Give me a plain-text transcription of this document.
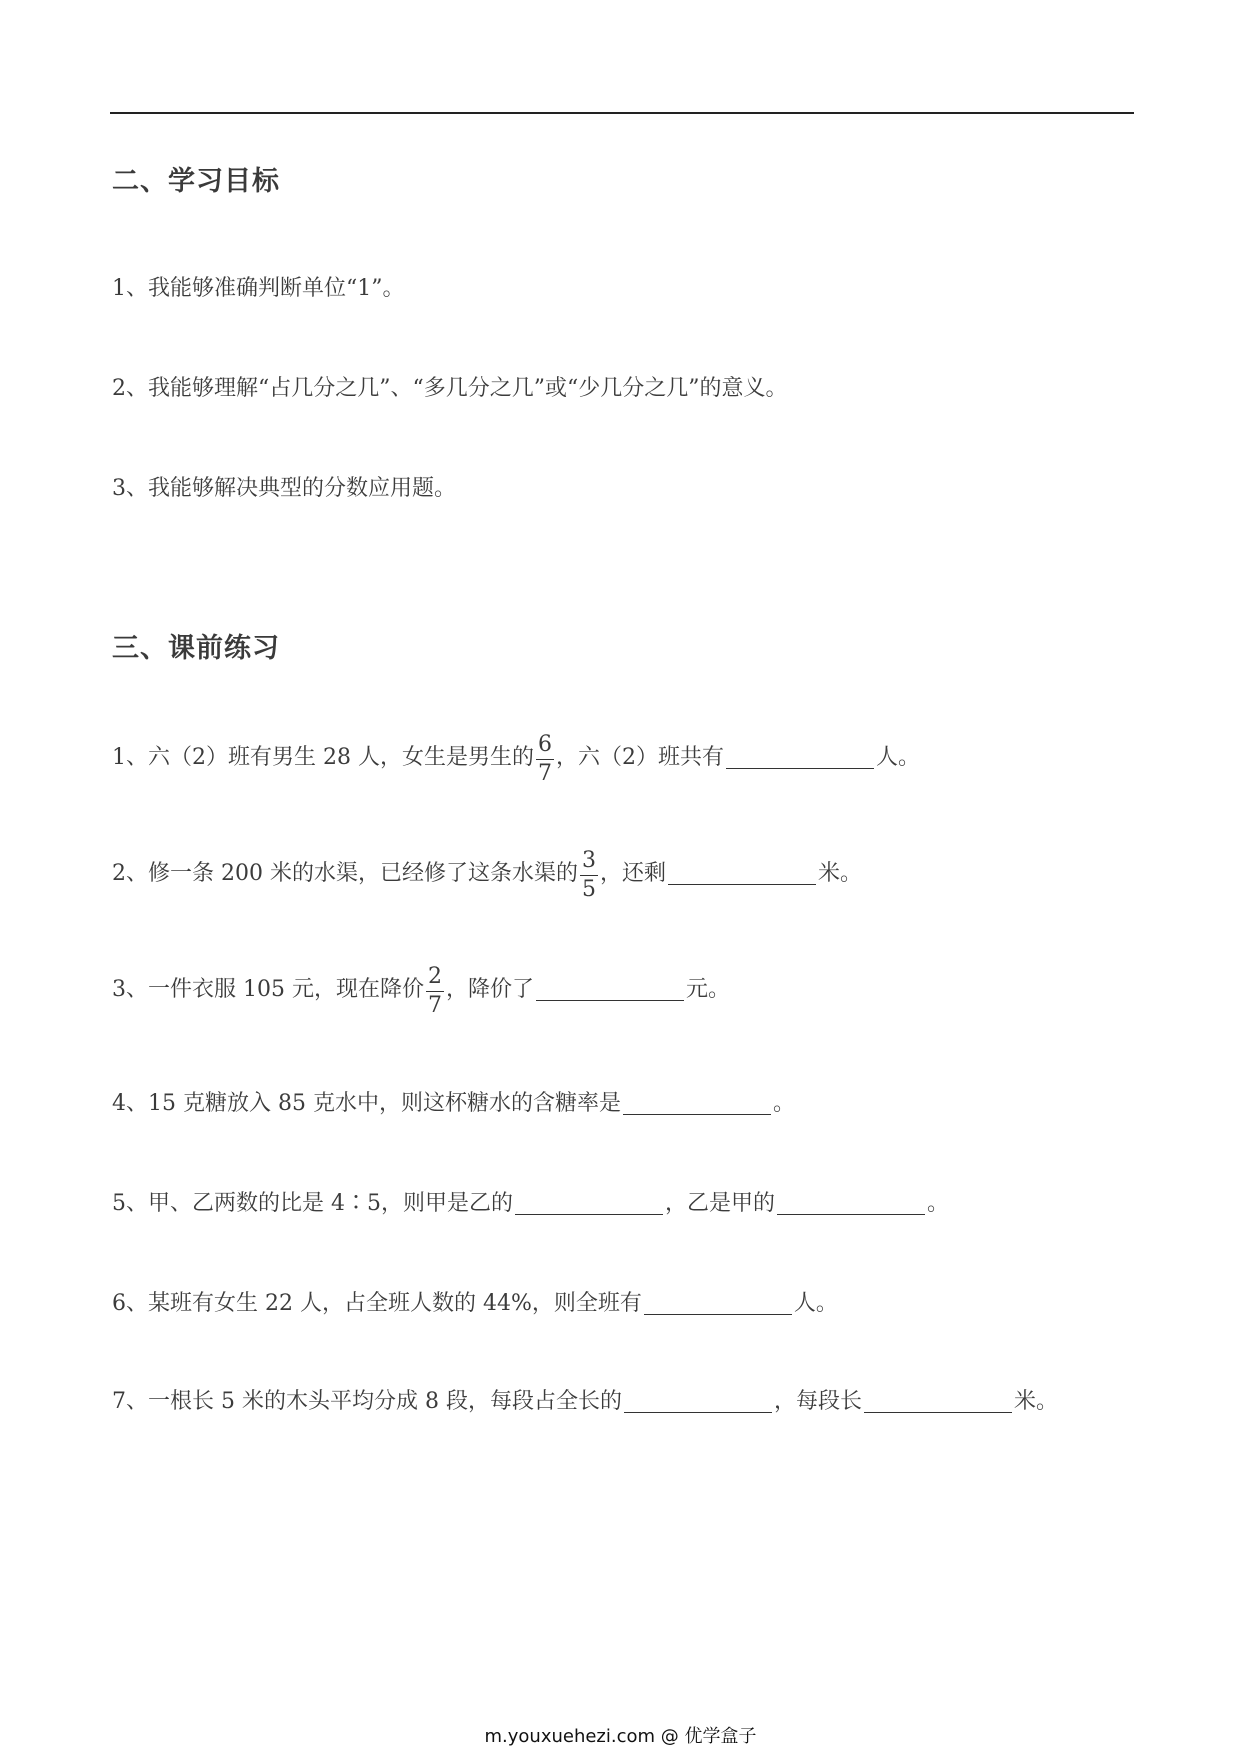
二、学习目标
1、我能够准确判断单位“1”。
2、我能够理解“占几分之几”、“多几分之几”或“少几分之几”的意义。
3、我能够解决典型的分数应用题。
三、课前练习
1、六（2）班有男生 28 人，女生是男生的 $\frac{6}{7}$ ，六（2）班共有	人。
2、修一条 200 米的水渠，已经修了这条水渠的 $\frac{3}{5}$ ，还剩	米。
3、一件衣服 105 元，现在降价 $\frac{2}{7}$ ，降价了	元。
4、15 克糖放入 85 克水中，则这杯糖水的含糖率是	。
5、甲、乙两数的比是 4∶5，则甲是乙的	，乙是甲的	。
6、某班有女生 22 人，占全班人数的 44%，则全班有	人。
7、一根长 5 米的木头平均分成 8 段，每段占全长的	，每段长	米。
m.youxuehezi.com @ 优学盒子
